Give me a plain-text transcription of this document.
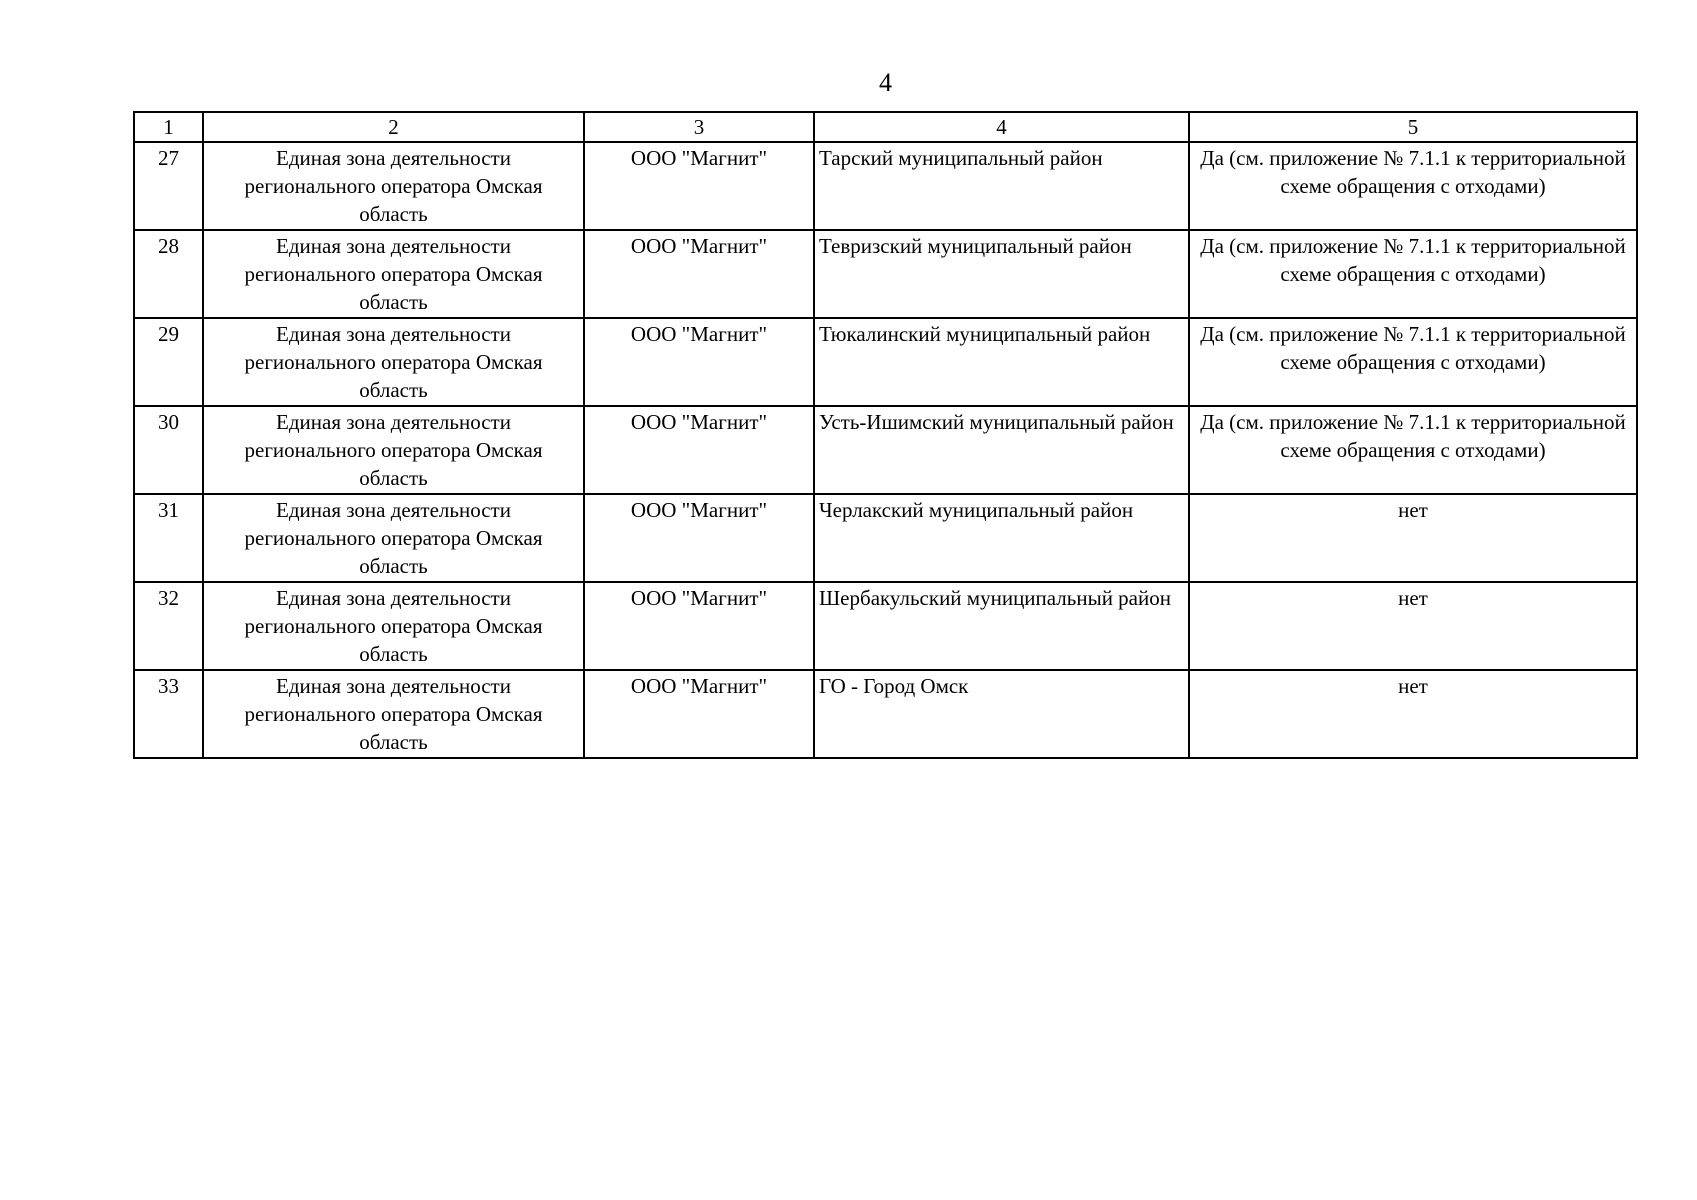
4
1	2	3	4	5
27	Единая зона деятельности регионального оператора Омская область	ООО "Магнит"	Тарский муниципальный район	Да (см. приложение № 7.1.1 к территориальной схеме обращения с отходами)
28	Единая зона деятельности регионального оператора Омская область	ООО "Магнит"	Тевризский муниципальный район	Да (см. приложение № 7.1.1 к территориальной схеме обращения с отходами)
29	Единая зона деятельности регионального оператора Омская область	ООО "Магнит"	Тюкалинский муниципальный район	Да (см. приложение № 7.1.1 к территориальной схеме обращения с отходами)
30	Единая зона деятельности регионального оператора Омская область	ООО "Магнит"	Усть-Ишимский муниципальный район	Да (см. приложение № 7.1.1 к территориальной схеме обращения с отходами)
31	Единая зона деятельности регионального оператора Омская область	ООО "Магнит"	Черлакский муниципальный район	нет
32	Единая зона деятельности регионального оператора Омская область	ООО "Магнит"	Шербакульский муниципальный район	нет
33	Единая зона деятельности регионального оператора Омская область	ООО "Магнит"	ГО - Город Омск	нет
